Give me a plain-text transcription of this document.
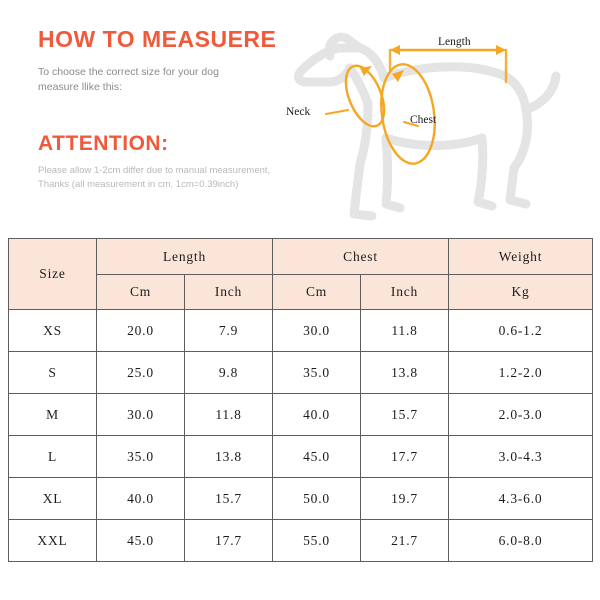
HOW TO MEASUERE

To choose the correct size for your dog measure llike this:

ATTENTION:

Please allow 1-2cm differ due to manual measurement, Thanks (all measurement in cm, 1cm=0.39inch)

Length
Neck
Chest
Size	Length		Chest		Weight
	Cm	Inch	Cm	Inch	Kg
XS	20.0	7.9	30.0	11.8	0.6-1.2
S	25.0	9.8	35.0	13.8	1.2-2.0
M	30.0	11.8	40.0	15.7	2.0-3.0
L	35.0	13.8	45.0	17.7	3.0-4.3
XL	40.0	15.7	50.0	19.7	4.3-6.0
XXL	45.0	17.7	55.0	21.7	6.0-8.0
